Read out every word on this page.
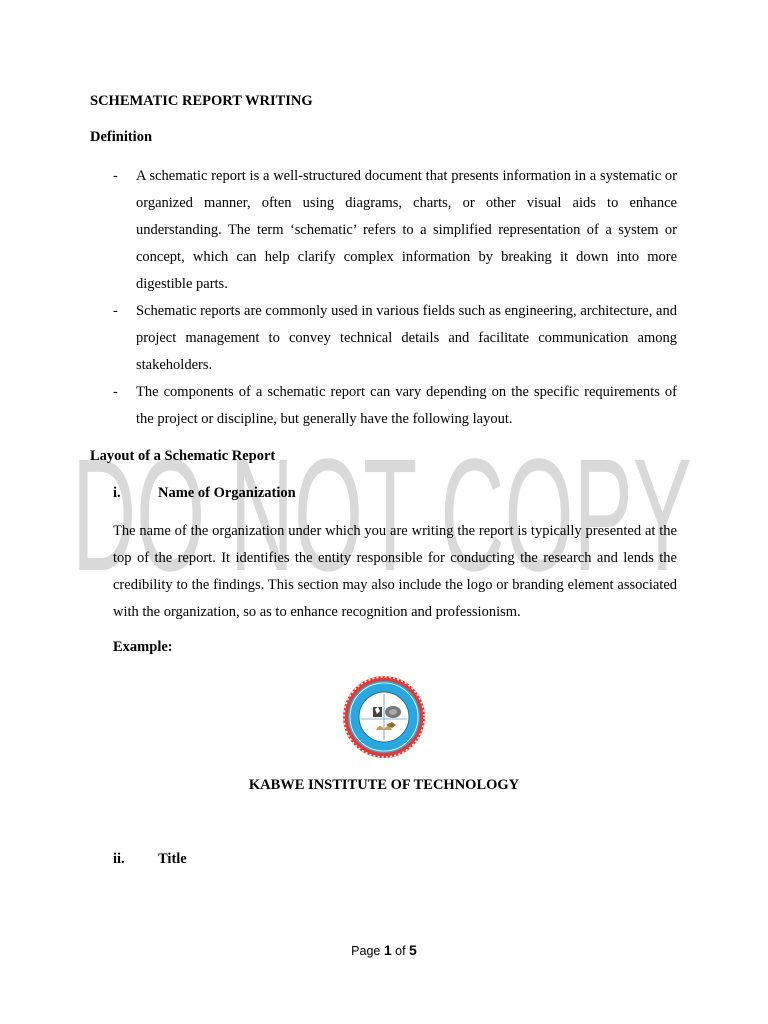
DO NOT COPY
SCHEMATIC REPORT WRITING
Definition
- A schematic report is a well-structured document that presents information in a systematic or organized manner, often using diagrams, charts, or other visual aids to enhance understanding. The term ‘schematic’ refers to a simplified representation of a system or concept, which can help clarify complex information by breaking it down into more digestible parts.
- Schematic reports are commonly used in various fields such as engineering, architecture, and project management to convey technical details and facilitate communication among stakeholders.
- The components of a schematic report can vary depending on the specific requirements of the project or discipline, but generally have the following layout.
Layout of a Schematic Report
i.	Name of Organization

The name of the organization under which you are writing the report is typically presented at the top of the report. It identifies the entity responsible for conducting the research and lends the credibility to the findings. This section may also include the logo or branding element associated with the organization, so as to enhance recognition and professionism.

Example:

KABWE INSTITUTE OF TECHNOLOGY

ii. Title
Page 1 of 5
